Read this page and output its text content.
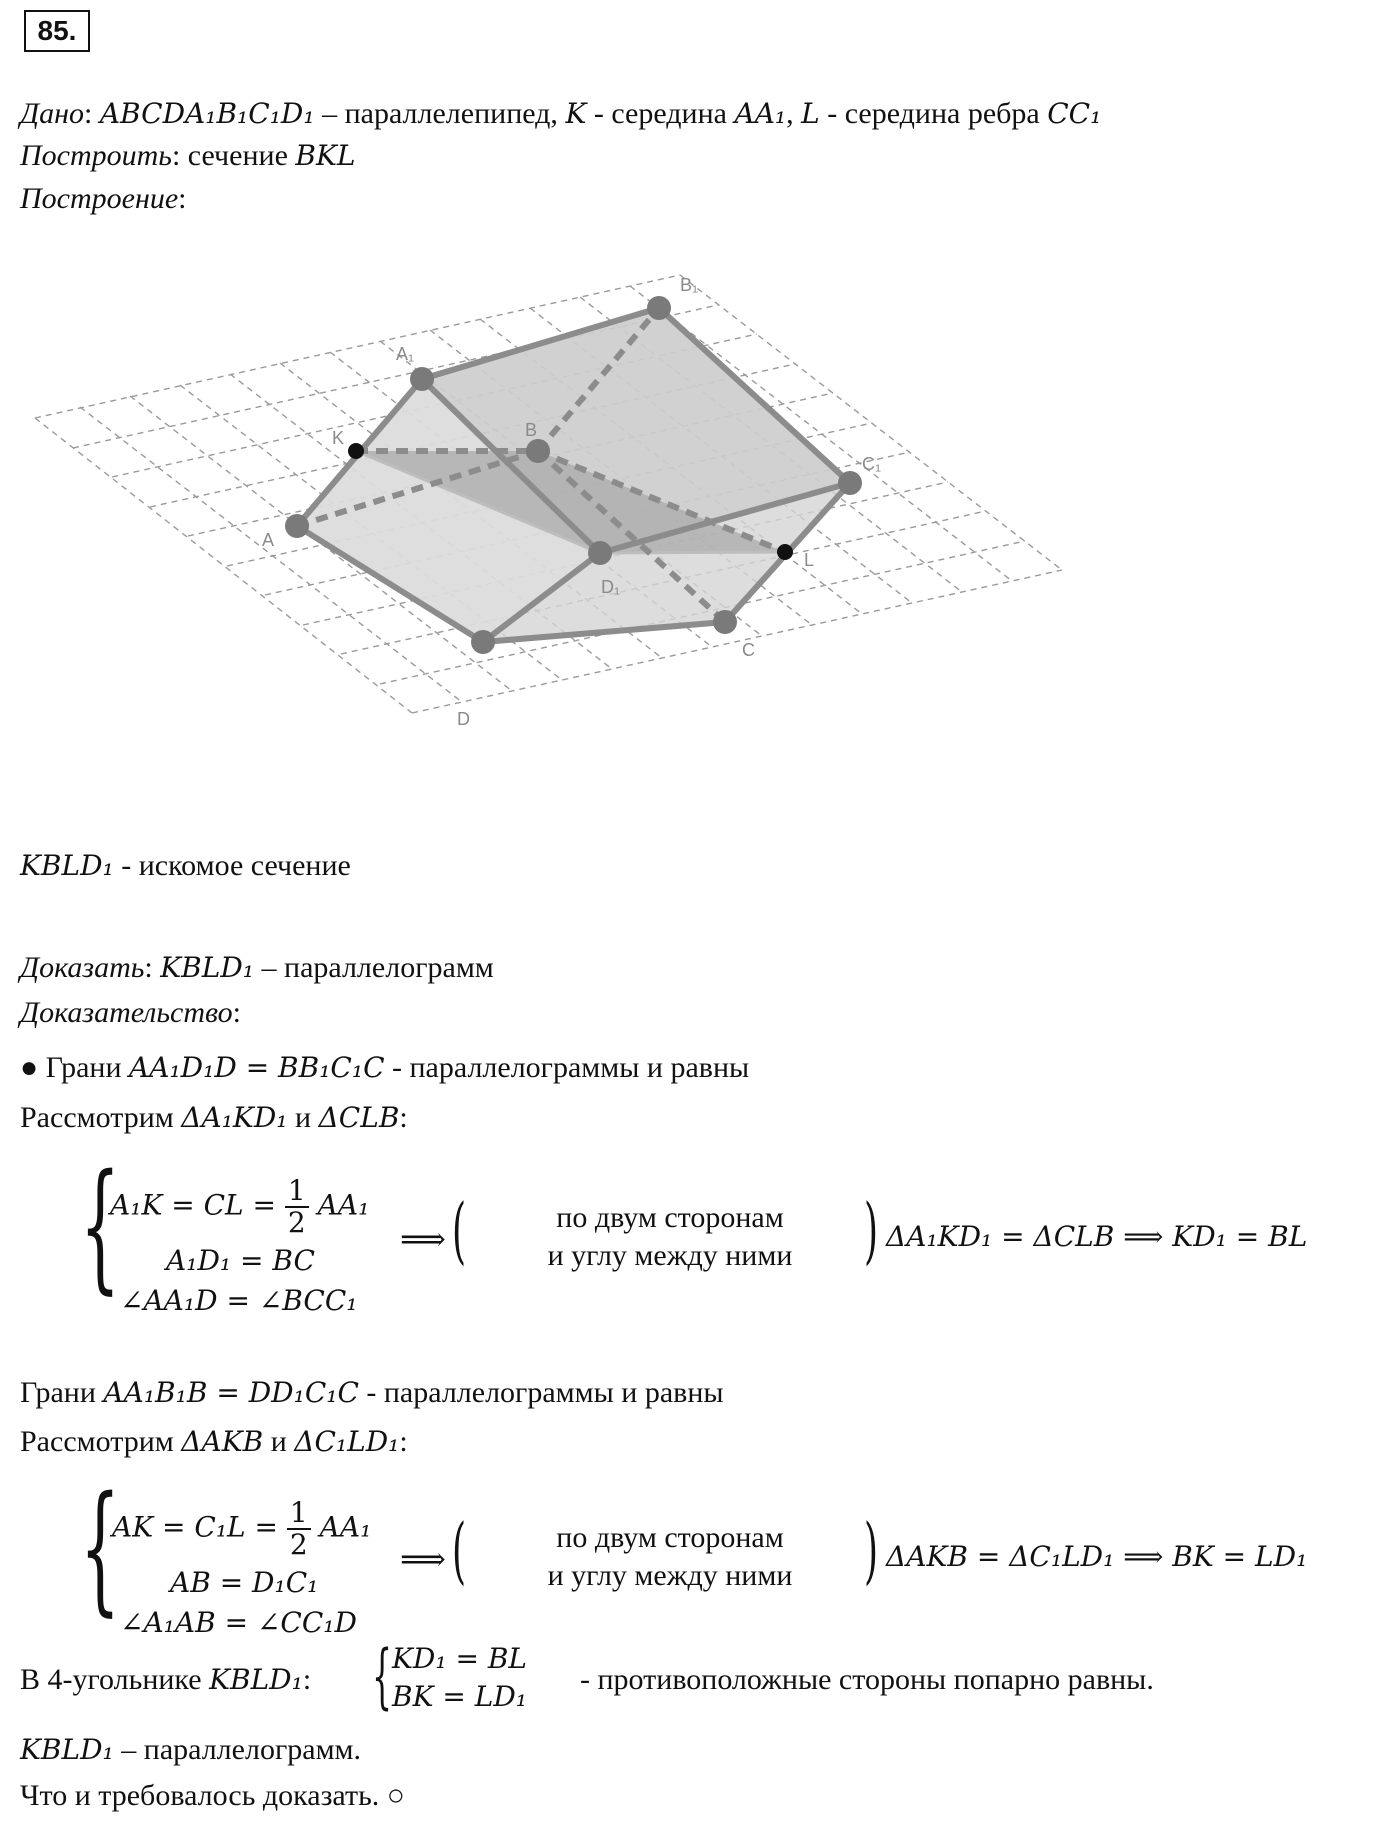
85.
Дано: ABCDA₁B₁C₁D₁ – параллелепипед, K - середина AA₁, L - середина ребра CC₁
Построить: сечение BKL
Построение:
A
B
C
D
A₁
B₁
C₁
D₁
K
L
KBLD₁ - искомое сечение
Доказать: KBLD₁ – параллелограмм
Доказательство:
● Грани AA₁D₁D = BB₁C₁C - параллелограммы и равны
Рассмотрим ΔA₁KD₁ и ΔCLB:
{
A₁K = CL = $\frac{1}{2} AA_1$
A₁D₁ = BC
∠AA₁D = ∠BCC₁
⟹ (	по двум сторонам
и углу между ними ) ΔA₁KD₁ = ΔCLB ⟹ KD₁ = BL
Грани AA₁B₁B = DD₁C₁C - параллелограммы и равны
Рассмотрим ΔAKB и ΔC₁LD₁:
{
AK = $C_1L = \frac{1}{2} AA_1$
AB = D₁C₁
∠A₁AB = ∠CC₁D
⟹ (	по двум сторонам
и углу между ними ) ΔAKB = ΔC₁LD₁ ⟹ BK = LD₁
В 4-угольнике KBLD₁: { KD₁ = BL
BK = LD₁
- противоположные стороны попарно равны.
KBLD₁ – параллелограмм.
Что и требовалось доказать. ○
